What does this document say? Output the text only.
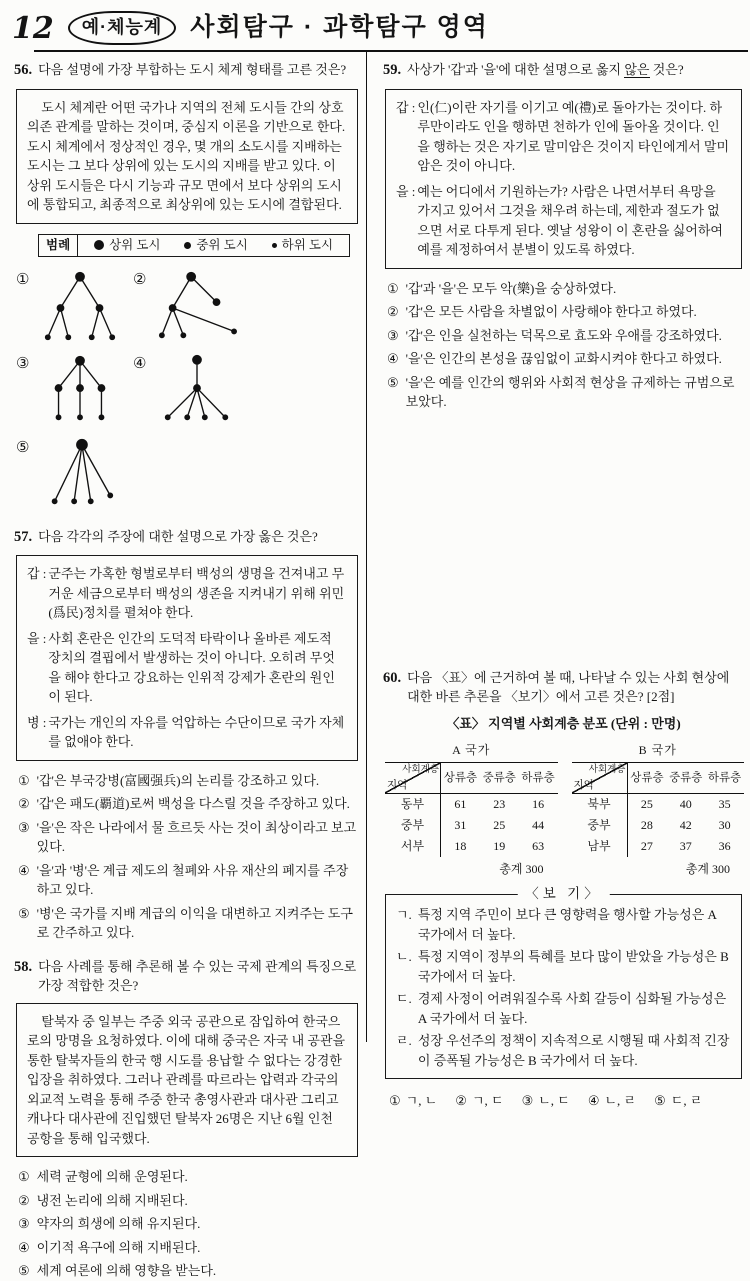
12	예·체능계	사회탐구 · 과학탐구 영역
56. 다음 설명에 가장 부합하는 도시 체계 형태를 고른 것은?

도시 체계란 어떤 국가나 지역의 전체 도시들 간의 상호 의존 관계를 말하는 것이며, 중심지 이론을 기반으로 한다. 도시 체계에서 정상적인 경우, 몇 개의 소도시를 지배하는 도시는 그 보다 상위에 있는 도시의 지배를 받고 있다. 이 상위 도시들은 다시 기능과 규모 면에서 보다 상위의 도시에 통합되고, 최종적으로 최상위에 있는 도시에 결합된다.

범례	상위 도시	중위 도시	하위 도시
①	②
③	④
⑤
57. 다음 각각의 주장에 대한 설명으로 가장 옳은 것은?
갑 : 군주는 가혹한 형벌로부터 백성의 생명을 건져내고 무거운 세금으로부터 백성의 생존을 지켜내기 위해 위민(爲民)정치를 펼쳐야 한다.
을 : 사회 혼란은 인간의 도덕적 타락이나 올바른 제도적 장치의 결핍에서 발생하는 것이 아니다. 오히려 무엇을 해야 한다고 강요하는 인위적 강제가 혼란의 원인이 된다.
병 : 국가는 개인의 자유를 억압하는 수단이므로 국가 자체를 없애야 한다.
① '갑'은 부국강병(富國强兵)의 논리를 강조하고 있다.
② '갑'은 패도(覇道)로써 백성을 다스릴 것을 주장하고 있다.
③ '을'은 작은 나라에서 물 흐르듯 사는 것이 최상이라고 보고 있다.
④ '을'과 '병'은 계급 제도의 철폐와 사유 재산의 폐지를 주장하고 있다.
⑤ '병'은 국가를 지배 계급의 이익을 대변하고 지켜주는 도구로 간주하고 있다.
58. 다음 사례를 통해 추론해 볼 수 있는 국제 관계의 특징으로 가장 적합한 것은?

탈북자 중 일부는 주중 외국 공관으로 잠입하여 한국으로의 망명을 요청하였다. 이에 대해 중국은 자국 내 공관을 통한 탈북자들의 한국 행 시도를 용납할 수 없다는 강경한 입장을 취하였다. 그러나 관례를 따르라는 압력과 각국의 외교적 노력을 통해 주중 한국 총영사관과 대사관 그리고 캐나다 대사관에 진입했던 탈북자 26명은 지난 6월 인천 공항을 통해 입국했다.

① 세력 균형에 의해 운영된다.
② 냉전 논리에 의해 지배된다.
③ 약자의 희생에 의해 유지된다.
④ 이기적 욕구에 의해 지배된다.
⑤ 세계 여론에 의해 영향을 받는다.
59. 사상가 '갑'과 '을'에 대한 설명으로 옳지 않은 것은?
갑 : 인(仁)이란 자기를 이기고 예(禮)로 돌아가는 것이다. 하루만이라도 인을 행하면 천하가 인에 돌아올 것이다. 인을 행하는 것은 자기로 말미암은 것이지 타인에게서 말미암은 것이 아니다.
을 : 예는 어디에서 기원하는가? 사람은 나면서부터 욕망을 가지고 있어서 그것을 채우려 하는데, 제한과 절도가 없으면 서로 다투게 된다. 옛날 성왕이 이 혼란을 싫어하여 예를 제정하여서 분별이 있도록 하였다.
① '갑'과 '을'은 모두 악(樂)을 숭상하였다.
② '갑'은 모든 사람을 차별없이 사랑해야 한다고 하였다.
③ '갑'은 인을 실천하는 덕목으로 효도와 우애를 강조하였다.
④ '을'은 인간의 본성을 끊임없이 교화시켜야 한다고 하였다.
⑤ '을'은 예를 인간의 행위와 사회적 현상을 규제하는 규범으로 보았다.
60. 다음 〈표〉에 근거하여 볼 때, 나타날 수 있는 사회 현상에 대한 바른 추론을 〈보기〉에서 고른 것은? [2점]
〈표〉 지역별 사회계층 분포 (단위 : 만명)
A 국가
사회계층
지역
상류층 중류층 하류층
동부	61	23	16
중부	31	25	44
서부	18	19	63
총계 300
B 국가
사회계층
지역
상류층 중류층 하류층
북부	25	40	35
중부	28	42	30
남부	27	37	36
총계 300
〈보 기〉
ㄱ. 특정 지역 주민이 보다 큰 영향력을 행사할 가능성은 A 국가에서 더 높다.
ㄴ. 특정 지역이 정부의 특혜를 보다 많이 받았을 가능성은 B 국가에서 더 높다.
ㄷ. 경제 사정이 어려워질수록 사회 갈등이 심화될 가능성은 A 국가에서 더 높다.
ㄹ. 성장 우선주의 정책이 지속적으로 시행될 때 사회적 긴장이 증폭될 가능성은 B 국가에서 더 높다.
① ㄱ, ㄴ ② ㄱ, ㄷ ③ ㄴ, ㄷ ④ ㄴ, ㄹ ⑤ ㄷ, ㄹ
